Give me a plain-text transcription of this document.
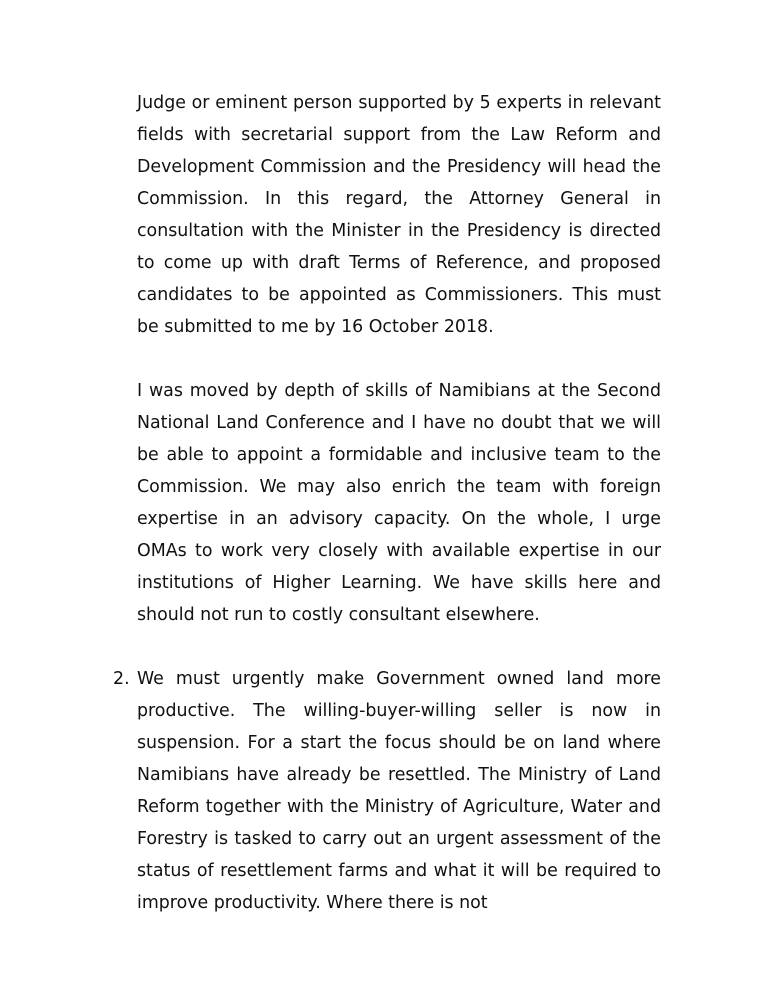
Judge or eminent person supported by 5 experts in relevant fields with secretarial support from the Law Reform and Development Commission and the Presidency will head the Commission. In this regard, the Attorney General in consultation with the Minister in the Presidency is directed to come up with draft Terms of Reference, and proposed candidates to be appointed as Commissioners. This must be submitted to me by 16 October 2018.

I was moved by depth of skills of Namibians at the Second National Land Conference and I have no doubt that we will be able to appoint a formidable and inclusive team to the Commission. We may also enrich the team with foreign expertise in an advisory capacity. On the whole, I urge OMAs to work very closely with available expertise in our institutions of Higher Learning. We have skills here and should not run to costly consultant elsewhere.

2. We must urgently make Government owned land more productive. The willing-buyer-willing seller is now in suspension. For a start the focus should be on land where Namibians have already be resettled. The Ministry of Land Reform together with the Ministry of Agriculture, Water and Forestry is tasked to carry out an urgent assessment of the status of resettlement farms and what it will be required to improve productivity. Where there is not
